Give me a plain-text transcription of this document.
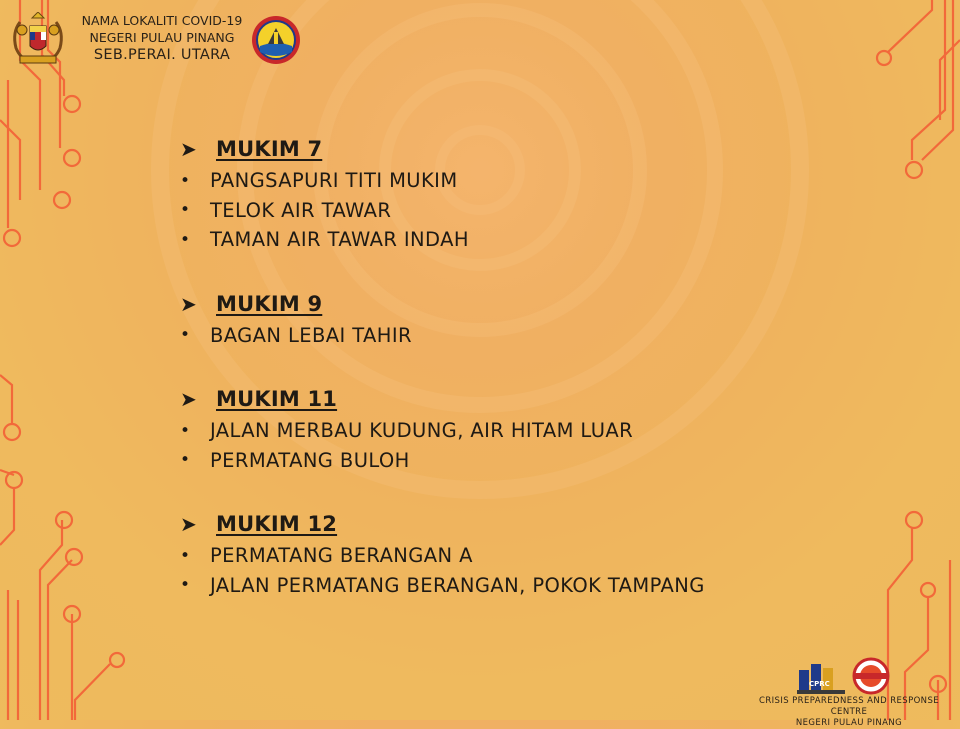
NAMA LOKALITI COVID-19
NEGERI PULAU PINANG
SEB.PERAI. UTARA
➤ MUKIM 7
•	PANGSAPURI TITI MUKIM
•	TELOK AIR TAWAR
•	TAMAN AIR TAWAR INDAH
➤ MUKIM 9
•	BAGAN LEBAI TAHIR
➤ MUKIM 11
•	JALAN MERBAU KUDUNG, AIR HITAM LUAR
•	PERMATANG BULOH
➤ MUKIM 12
•	PERMATANG BERANGAN A
•	JALAN PERMATANG BERANGAN, POKOK TAMPANG
CPRC
CRISIS PREPAREDNESS AND RESPONSE CENTRE
NEGERI PULAU PINANG
